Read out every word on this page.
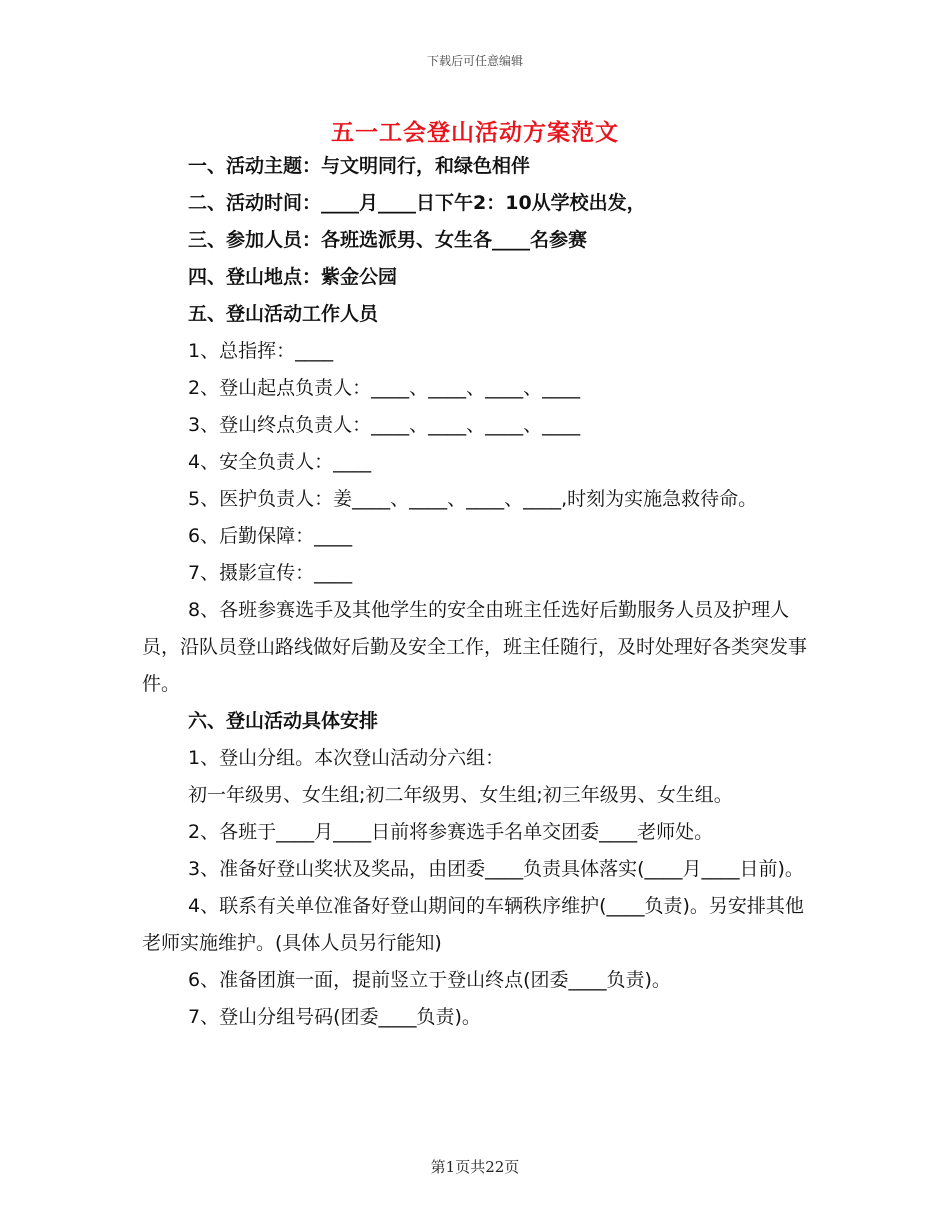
下载后可任意编辑
五一工会登山活动方案范文

一、活动主题：与文明同行，和绿色相伴

二、活动时间：____月____日下午2：10从学校出发，

三、参加人员：各班选派男、女生各____名参赛

四、登山地点：紫金公园

五、登山活动工作人员

1、总指挥：____

2、登山起点负责人：____、____、____、____

3、登山终点负责人：____、____、____、____

4、安全负责人：____

5、医护负责人：姜____、____、____、____,时刻为实施急救待命。

6、后勤保障：____

7、摄影宣传：____

8、各班参赛选手及其他学生的安全由班主任选好后勤服务人员及护理人员，沿队员登山路线做好后勤及安全工作，班主任随行，及时处理好各类突发事件。

六、登山活动具体安排

1、登山分组。本次登山活动分六组：

初一年级男、女生组;初二年级男、女生组;初三年级男、女生组。

2、各班于____月____日前将参赛选手名单交团委____老师处。

3、准备好登山奖状及奖品，由团委____负责具体落实(____月____日前)。

4、联系有关单位准备好登山期间的车辆秩序维护(____负责)。另安排其他老师实施维护。(具体人员另行能知)

6、准备团旗一面，提前竖立于登山终点(团委____负责)。

7、登山分组号码(团委____负责)。

第1页共22页
